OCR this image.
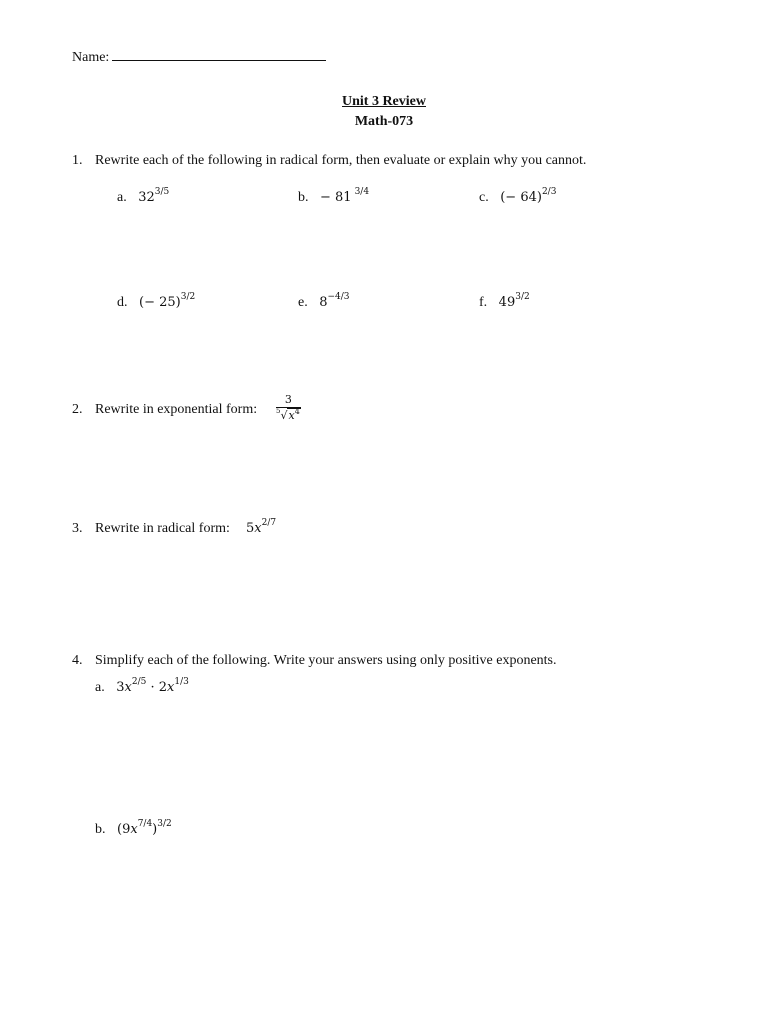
Name:
Unit 3 Review
Math-073
1. Rewrite each of the following in radical form, then evaluate or explain why you cannot.
a. $32^{3/5}$	b. − 81 $^{3/4}$	c. (− 64)$^{2/3}$
d. (− 25)$^{3/2}$	e. $8^{-4/3}$	f. $49^{3/2}$
2. Rewrite in exponential form: $\frac{3}{^5√x^4}$
3. Rewrite in radical form: $5x^{2/7}$
4. Simplify each of the following. Write your answers using only positive exponents.
a. $3x^{2/5} \cdot 2x^{1/3}$
b. $(9x^{7/4})^{3/2}$
